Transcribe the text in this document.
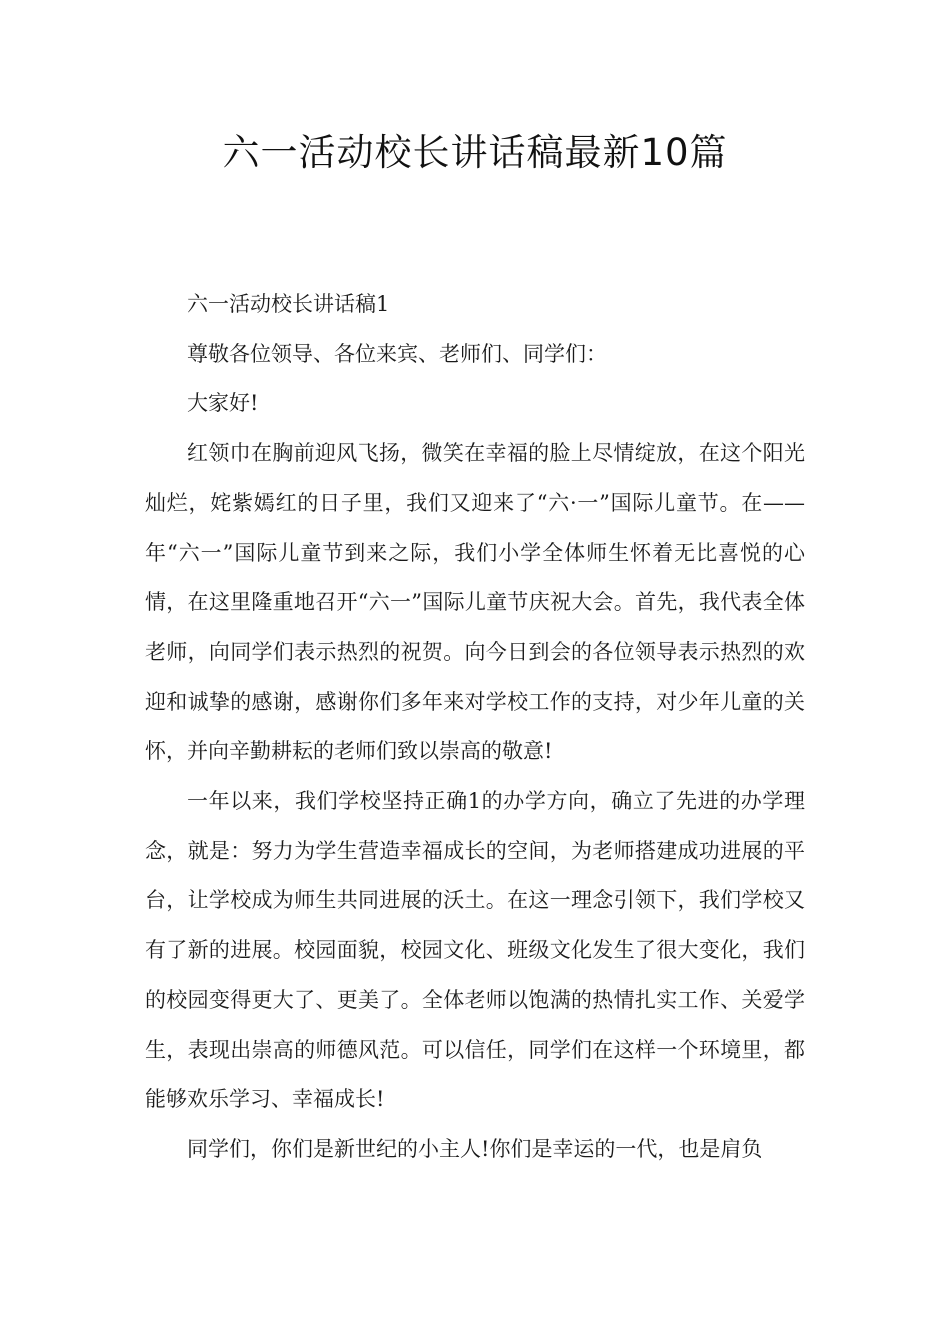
六一活动校长讲话稿最新10篇

六一活动校长讲话稿1

尊敬各位领导、各位来宾、老师们、同学们：

大家好!

红领巾在胸前迎风飞扬，微笑在幸福的脸上尽情绽放，在这个阳光灿烂，姹紫嫣红的日子里，我们又迎来了“六·一”国际儿童节。在——年“六一”国际儿童节到来之际，我们小学全体师生怀着无比喜悦的心情，在这里隆重地召开“六一”国际儿童节庆祝大会。首先，我代表全体老师，向同学们表示热烈的祝贺。向今日到会的各位领导表示热烈的欢迎和诚挚的感谢，感谢你们多年来对学校工作的支持，对少年儿童的关怀，并向辛勤耕耘的老师们致以崇高的敬意!

一年以来，我们学校坚持正确1的办学方向，确立了先进的办学理念，就是：努力为学生营造幸福成长的空间，为老师搭建成功进展的平台，让学校成为师生共同进展的沃土。在这一理念引领下，我们学校又有了新的进展。校园面貌，校园文化、班级文化发生了很大变化，我们的校园变得更大了、更美了。全体老师以饱满的热情扎实工作、关爱学生，表现出崇高的师德风范。可以信任，同学们在这样一个环境里，都能够欢乐学习、幸福成长!

同学们，你们是新世纪的小主人!你们是幸运的一代，也是肩负
